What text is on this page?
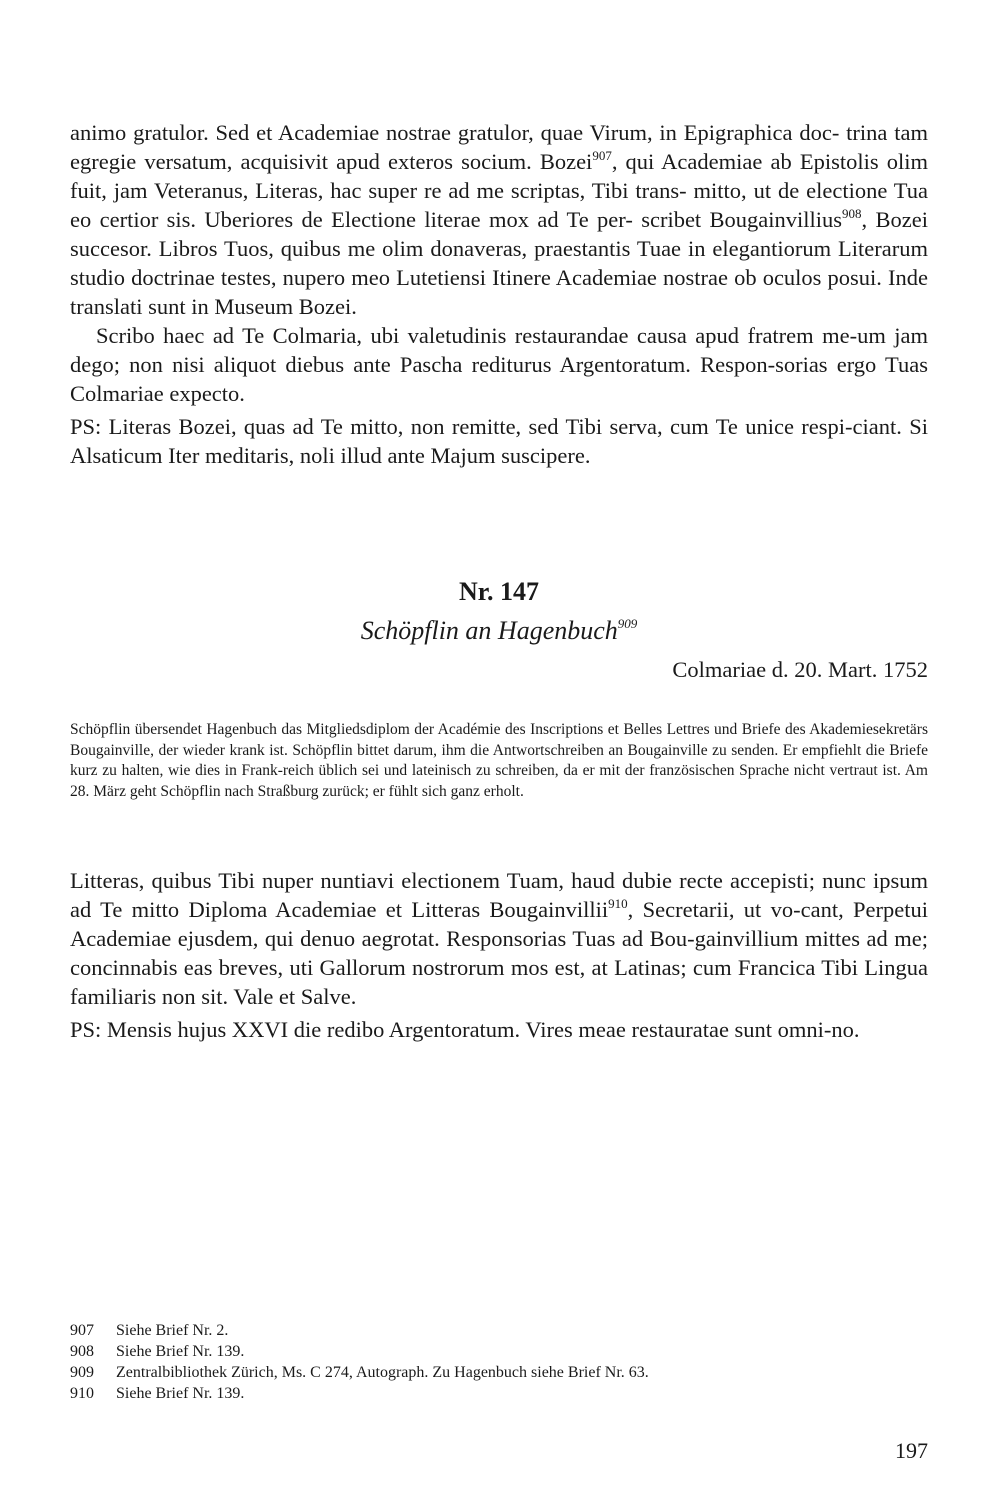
animo gratulor. Sed et Academiae nostrae gratulor, quae Virum, in Epigraphica doc- trina tam egregie versatum, acquisivit apud exteros socium. Bozei$^{907}$, qui Academiae ab Epistolis olim fuit, jam Veteranus, Literas, hac super re ad me scriptas, Tibi trans- mitto, ut de electione Tua eo certior sis. Uberiores de Electione literae mox ad Te per- scribet Bougainvillius$^{908}$, Bozei succesor. Libros Tuos, quibus me olim donaveras, praestantis Tuae in elegantiorum Literarum studio doctrinae testes, nupero meo Lutetiensi Itinere Academiae nostrae ob oculos posui. Inde translati sunt in Museum Bozei.

Scribo haec ad Te Colmaria, ubi valetudinis restaurandae causa apud fratrem me-um jam dego; non nisi aliquot diebus ante Pascha rediturus Argentoratum. Respon-sorias ergo Tuas Colmariae expecto.

PS: Literas Bozei, quas ad Te mitto, non remitte, sed Tibi serva, cum Te unice respi-ciant. Si Alsaticum Iter meditaris, noli illud ante Majum suscipere.

Nr. 147

Schöpflin an Hagenbuch$^{909}$

Colmariae d. 20. Mart. 1752

Schöpflin übersendet Hagenbuch das Mitgliedsdiplom der Académie des Inscriptions et Belles Lettres und Briefe des Akademiesekretärs Bougainville, der wieder krank ist. Schöpflin bittet darum, ihm die Antwortschreiben an Bougainville zu senden. Er empfiehlt die Briefe kurz zu halten, wie dies in Frank-reich üblich sei und lateinisch zu schreiben, da er mit der französischen Sprache nicht vertraut ist. Am 28. März geht Schöpflin nach Straßburg zurück; er fühlt sich ganz erholt.

Litteras, quibus Tibi nuper nuntiavi electionem Tuam, haud dubie recte accepisti; nunc ipsum ad Te mitto Diploma Academiae et Litteras Bougainvillii$^{910}$, Secretarii, ut vo-cant, Perpetui Academiae ejusdem, qui denuo aegrotat. Responsorias Tuas ad Bou-gainvillium mittes ad me; concinnabis eas breves, uti Gallorum nostrorum mos est, at Latinas; cum Francica Tibi Lingua familiaris non sit. Vale et Salve.

PS: Mensis hujus XXVI die redibo Argentoratum. Vires meae restauratae sunt omni-no.

907	Siehe Brief Nr. 2.
908	Siehe Brief Nr. 139.
909	Zentralbibliothek Zürich, Ms. C 274, Autograph. Zu Hagenbuch siehe Brief Nr. 63.
910	Siehe Brief Nr. 139.
197
